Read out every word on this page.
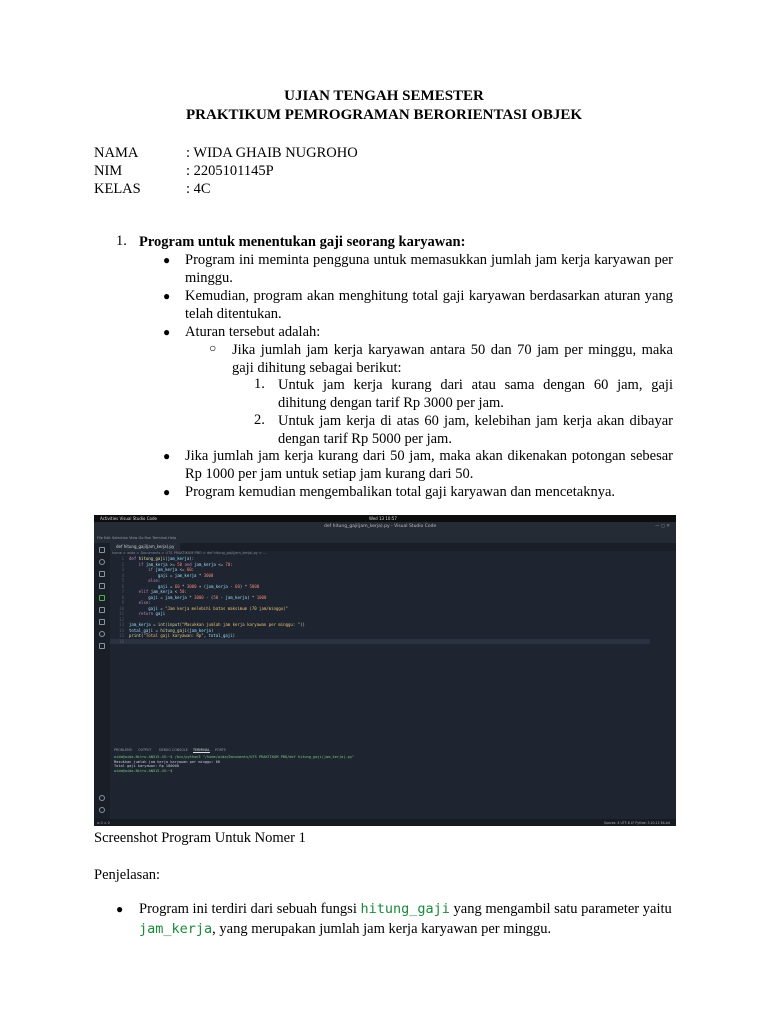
UJIAN TENGAH SEMESTER
PRAKTIKUM PEMROGRAMAN BERORIENTASI OBJEK
NAMA	: WIDA GHAIB NUGROHO
NIM	: 2205101145P
KELAS	: 4C
1. Program untuk menentukan gaji seorang karyawan:
● Program ini meminta pengguna untuk memasukkan jumlah jam kerja karyawan per minggu.
● Kemudian, program akan menghitung total gaji karyawan berdasarkan aturan yang telah ditentukan.
● Aturan tersebut adalah:
○ Jika jumlah jam kerja karyawan antara 50 dan 70 jam per minggu, maka gaji dihitung sebagai berikut:
1. Untuk jam kerja kurang dari atau sama dengan 60 jam, gaji dihitung dengan tarif Rp 3000 per jam.
2. Untuk jam kerja di atas 60 jam, kelebihan jam kerja akan dibayar dengan tarif Rp 5000 per jam.
● Jika jumlah jam kerja kurang dari 50 jam, maka akan dikenakan potongan sebesar Rp 1000 per jam untuk setiap jam kurang dari 50.
● Program kemudian mengembalikan total gaji karyawan dan mencetaknya.
Activities Visual Studio Code	Wed 13 10:57
def hitung_gaji(jam_kerja).py - Visual Studio Code
File Edit Selection View Go Run Terminal Help
— ◻ ✕
def hitung_gaji(jam_kerja).py
home > wida > Documents > UTS PRAKTIKUM PBO > def hitung_gaji(jam_kerja).py > ...
1 def hitung_gaji(jam_kerja):
2	if jam_kerja >= 50 and jam_kerja <= 70:
3	if jam_kerja <= 60:
4	gaji = jam_kerja * 3000
5	else:
6	gaji = 60 * 3000 + (jam_kerja - 60) * 5000
7	elif jam_kerja < 50:
8	gaji = jam_kerja * 3000 - (50 - jam_kerja) * 1000
9	else:
10	gaji = "Jam kerja melebihi batas maksimum (70 jam/minggu)"
11	return gaji
12
13 jam_kerja = int(input("Masukkan jumlah jam kerja karyawan per minggu: "))
14 total_gaji = hitung_gaji(jam_kerja)
15 print("Total gaji karyawan: Rp", total_gaji)
16
PROBLEMS OUTPUT DEBUG CONSOLE TERMINAL PORTS
wida@wida-Nitro-AN515-45:~$ /bin/python3 "/home/wida/Documents/UTS PRAKTIKUM PBO/def hitung_gaji(jam_kerja).py"
Masukkan jumlah jam kerja karyawan per minggu: 60
Total gaji karyawan: Rp 180000
wida@wida-Nitro-AN515-45:~$
⊗ 0 ⚠ 0	Spaces: 4 UTF-8 LF Python 3.10.12 64-bit
Screenshot Program Untuk Nomer 1
Penjelasan:
● Program ini terdiri dari sebuah fungsi hitung_gaji yang mengambil satu parameter yaitu
jam_kerja, yang merupakan jumlah jam kerja karyawan per minggu.
